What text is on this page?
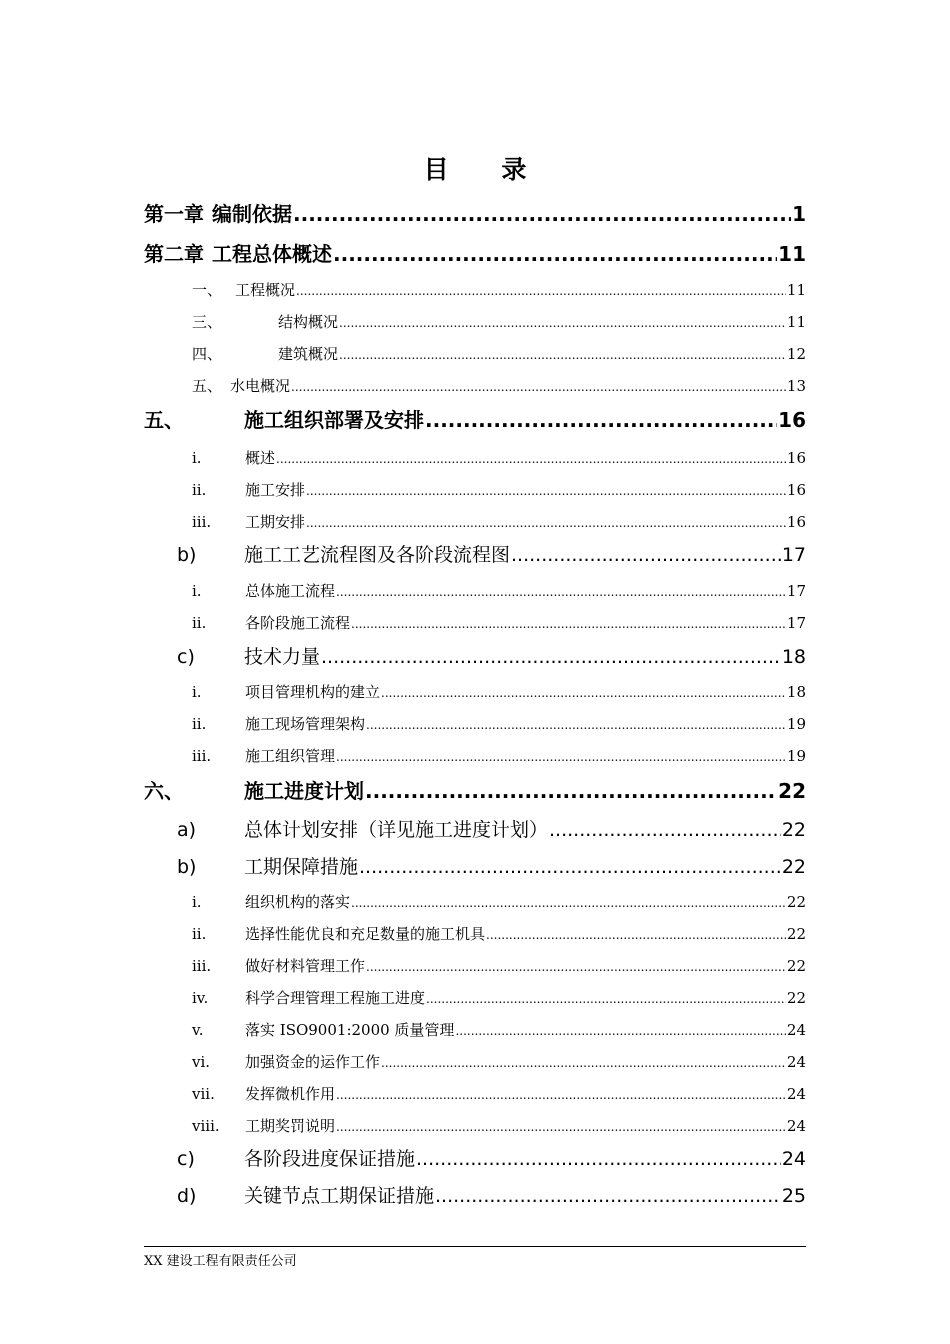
目 录
第一章 编制依据 .....	1
第二章 工程总体概述 .....	11
一、 工程概况 .....	11
三、	结构概况 .....	11
四、	建筑概况 .....	12
五、 水电概况 .....	13
五、	施工组织部署及安排 .....	16
i.	概述 .....	16
ii.	施工安排 .....	16
iii.	工期安排 .....	16
b)	施工工艺流程图及各阶段流程图 .....	17
i.	总体施工流程 .....	17
ii.	各阶段施工流程 .....	17
c)	技术力量 .....	18
i.	项目管理机构的建立 .....	18
ii.	施工现场管理架构 .....	19
iii.	施工组织管理 .....	19
六、	施工进度计划 .....	22
a)	总体计划安排（详见施工进度计划） .....	22
b)	工期保障措施 .....	22
i.	组织机构的落实 .....	22
ii.	选择性能优良和充足数量的施工机具 .....	22
iii.	做好材料管理工作 .....	22
iv.	科学合理管理工程施工进度 .....	22
v.	落实 ISO9001:2000 质量管理 .....	24
vi.	加强资金的运作工作 .....	24
vii.	发挥微机作用 .....	24
viii.	工期奖罚说明 .....	24
c)	各阶段进度保证措施 .....	24
d)	关键节点工期保证措施 .....	25
XX 建设工程有限责任公司
